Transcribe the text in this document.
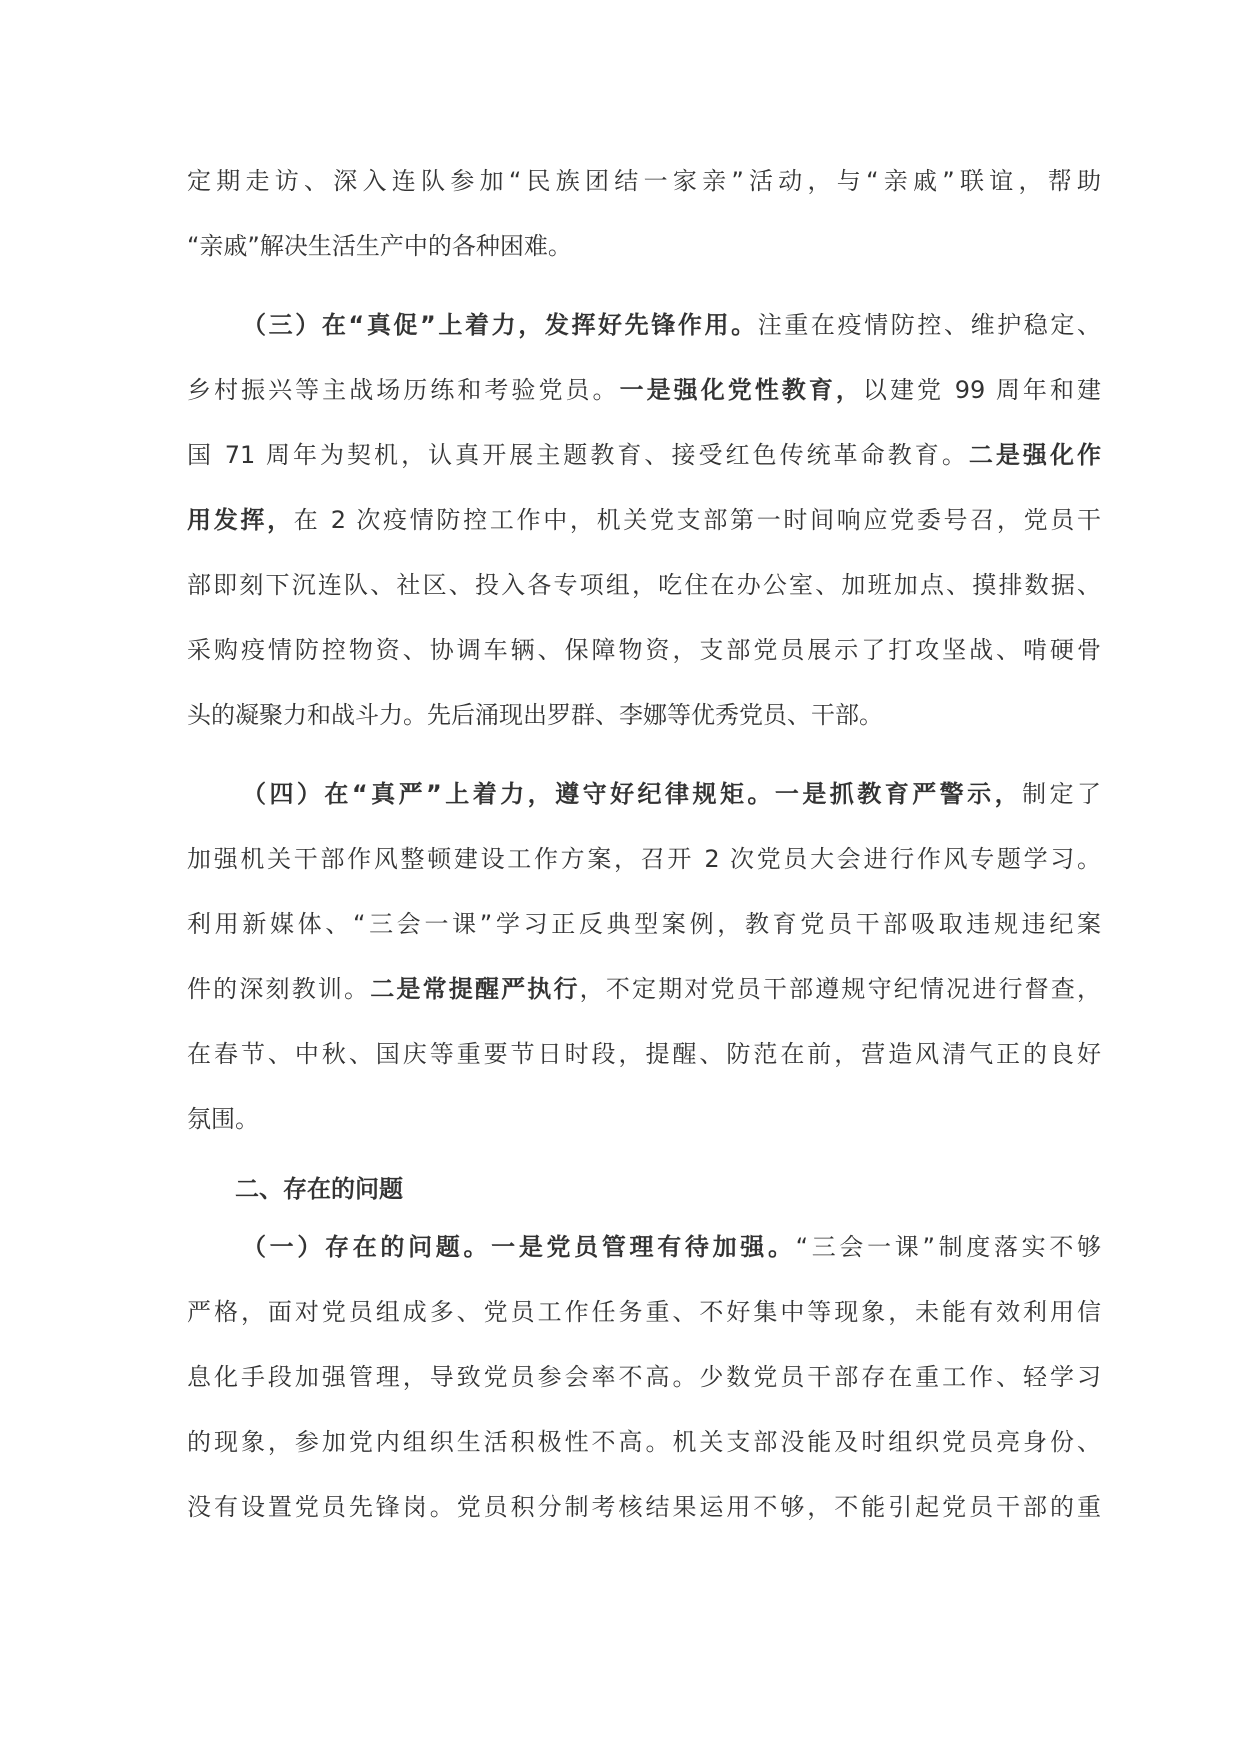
定期走访、深入连队参加“民族团结一家亲”活动，与“亲戚”联谊，帮助
“亲戚”解决生活生产中的各种困难。
（三）在“真促”上着力，发挥好先锋作用。注重在疫情防控、维护稳定、
乡村振兴等主战场历练和考验党员。一是强化党性教育，以建党 99 周年和建
国 71 周年为契机，认真开展主题教育、接受红色传统革命教育。二是强化作
用发挥，在 2 次疫情防控工作中，机关党支部第一时间响应党委号召，党员干
部即刻下沉连队、社区、投入各专项组，吃住在办公室、加班加点、摸排数据、
采购疫情防控物资、协调车辆、保障物资，支部党员展示了打攻坚战、啃硬骨
头的凝聚力和战斗力。先后涌现出罗群、李娜等优秀党员、干部。
（四）在“真严”上着力，遵守好纪律规矩。一是抓教育严警示，制定了
加强机关干部作风整顿建设工作方案，召开 2 次党员大会进行作风专题学习。
利用新媒体、“三会一课”学习正反典型案例，教育党员干部吸取违规违纪案
件的深刻教训。二是常提醒严执行，不定期对党员干部遵规守纪情况进行督查，
在春节、中秋、国庆等重要节日时段，提醒、防范在前，营造风清气正的良好
氛围。
二、存在的问题
（一）存在的问题。一是党员管理有待加强。“三会一课”制度落实不够
严格，面对党员组成多、党员工作任务重、不好集中等现象，未能有效利用信
息化手段加强管理，导致党员参会率不高。少数党员干部存在重工作、轻学习
的现象，参加党内组织生活积极性不高。机关支部没能及时组织党员亮身份、
没有设置党员先锋岗。党员积分制考核结果运用不够，不能引起党员干部的重
